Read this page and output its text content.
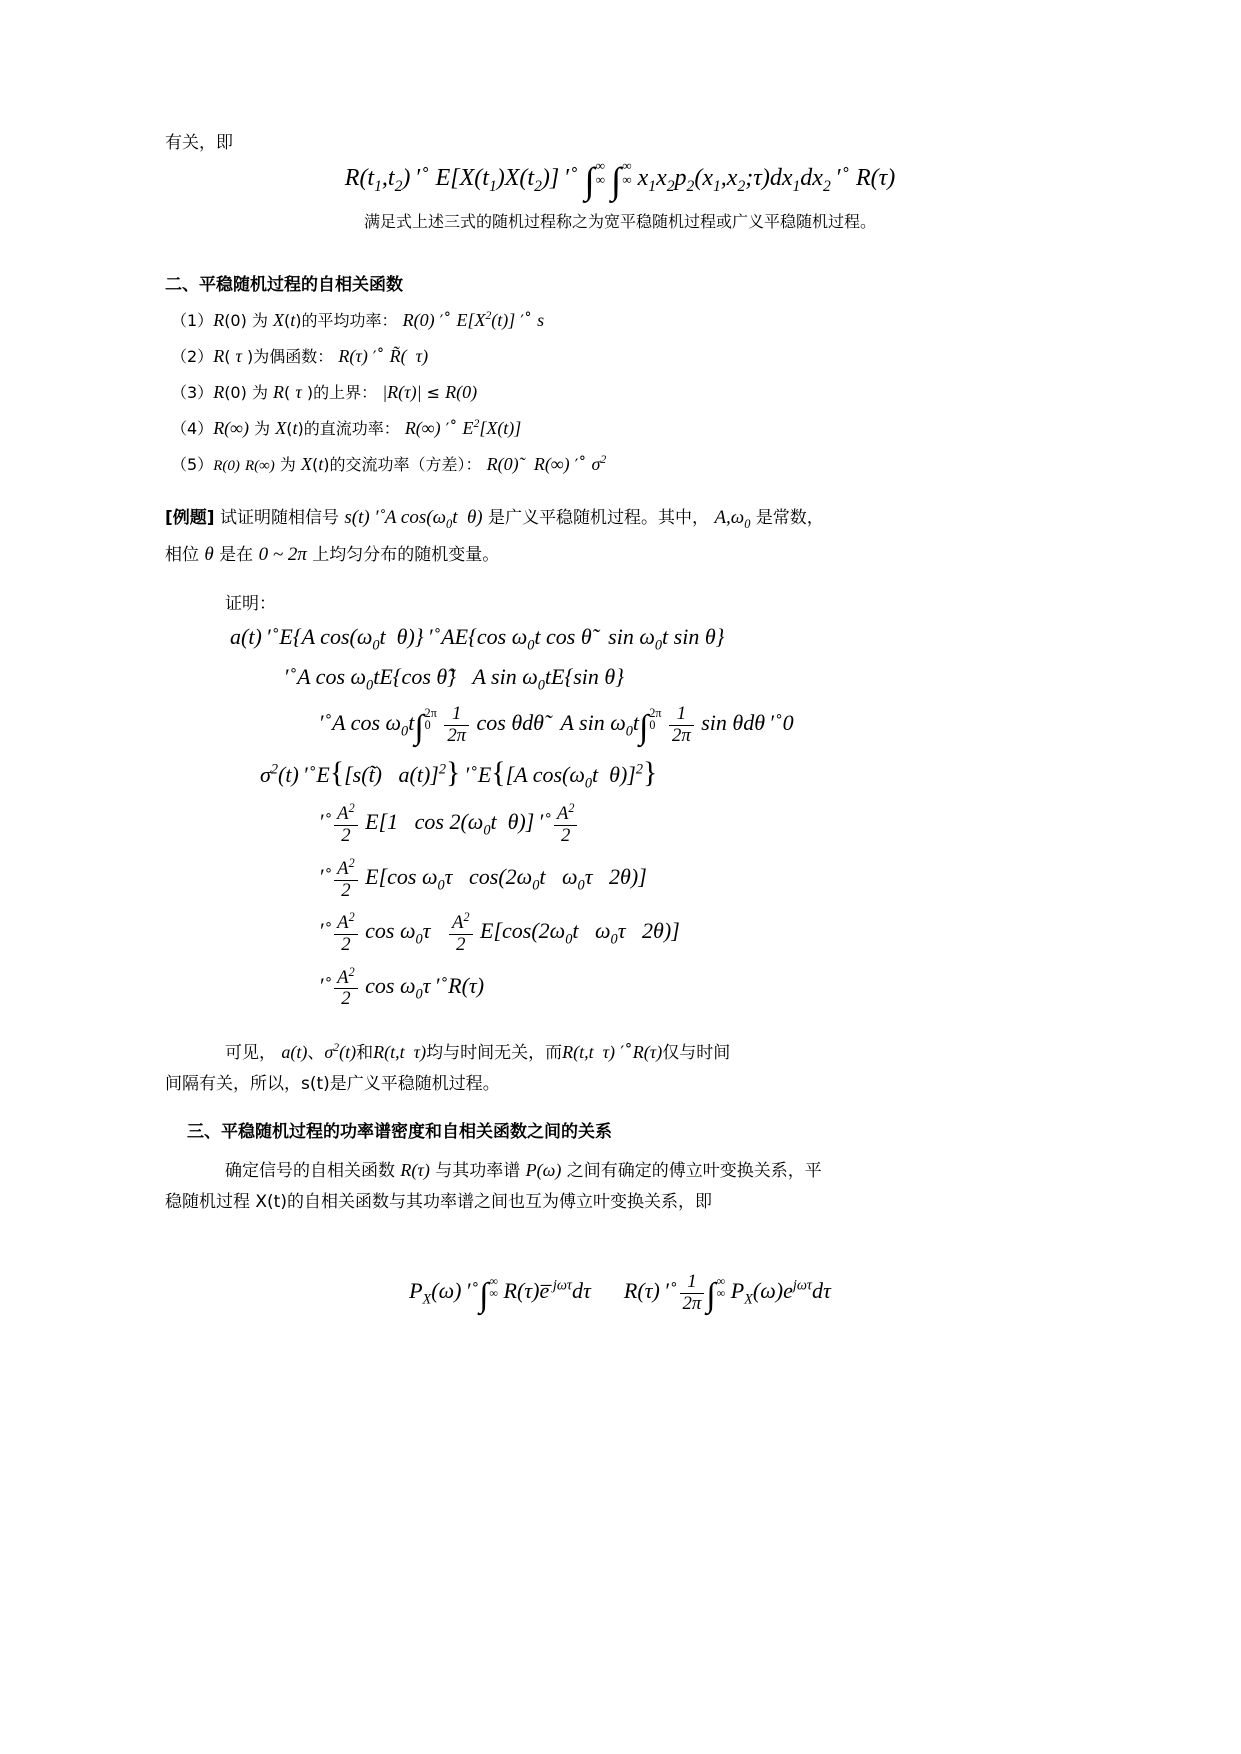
有关，即
$R(t_1,t_2)$ ′˚ $E[X(t_1)X(t_2)]$ ′˚ ∫ ∞
∞ ∫ ∞
∞ $x_1x_2p_2(x_1,x_2;\tau)dx_1dx_2$ ′˚ R(τ)
满足式上述三式的随机过程称之为宽平稳随机过程或广义平稳随机过程。
二、平稳随机过程的自相关函数
（1）R(0) 为 X(t)的平均功率： R(0) ′˚ $E[X^2(t)]$ ′˚ s
（2）R( τ )为偶函数： R(τ) ′˚ R̃(  τ)
（3）R(0) 为 R( τ )的上界： |R(τ)| ≤ R(0)
（4）R(∞) 为 X(t)的直流功率： R(∞) ′˚ $E^2[X(t)]$
（5）R(0) R(∞) 为 X(t)的交流功率（方差）： R(0)̃ R(∞) ′˚ $\sigma^2$
[例题] 试证明随相信号 s(t) ′˚A $\cos(\omega_0t$  θ) 是广义平稳随机过程。其中， $A,\omega_0$ 是常数，
相位 θ 是在 0 ~ 2π 上均匀分布的随机变量。
证明：
a(t) ′˚E{A $\cos(\omega_0t$  θ)} ′˚AE{cos $\omega_0t$ cos θ̃   $\sin \omega_0t$ sin θ}
′˚A $\cos \omega_0tE\{\cos$ θ̃}   A $\sin \omega_0tE\{\sin$ θ}
′˚A $\cos \omega_0t\int$ 2π
0
$\frac{1}{2\pi}$ cos θdθ̃   A $\sin \omega_0t\int$ 2π
0
$\frac{1}{2\pi}$ sin θdθ ′˚0
$\sigma^2(t)$ ′˚E{[s(t̃)   a(t)]$^2$} ′˚E{[A $\cos(\omega_0t$  θ)]$^2$}
′˚ $\frac{A^2}{2} E[1$   $\cos 2(\omega_0t$  θ)] ′˚ $\frac{A^2}{2}$
′˚ $\frac{A^2}{2} E[\cos$ $\omega_0\tau$   $\cos(2\omega_0t$   $\omega_0\tau$   2θ)]
′˚ $\frac{A^2}{2}$ $\cos \omega_0\tau \frac{A^2}{2} E[\cos(2\omega_0t$   $\omega_0\tau$   2θ)]
′˚ $\frac{A^2}{2}$ $\cos \omega_0\tau$ ′˚R(τ)
可见， a(t)、$\sigma^2(t)$和R(t,t  τ)均与时间无关，而R(t,t  τ) ′˚R(τ)仅与时间
间隔有关，所以，s(t)是广义平稳随机过程。
三、平稳随机过程的功率谱密度和自相关函数之间的关系
确定信号的自相关函数 R(τ) 与其功率谱 P(ω) 之间有确定的傅立叶变换关系，平
稳随机过程 X(t)的自相关函数与其功率谱之间也互为傅立叶变换关系，即
$P_X(\omega)$ ′˚∫ ∞
∞ R(τ)e̅ $^{j\omega\tau}$dτ R(τ) ′˚ $\frac{1}{2\pi}$ ∫ ∞
∞ $P_X(\omega)e^{j\omega\tau}d\tau$
